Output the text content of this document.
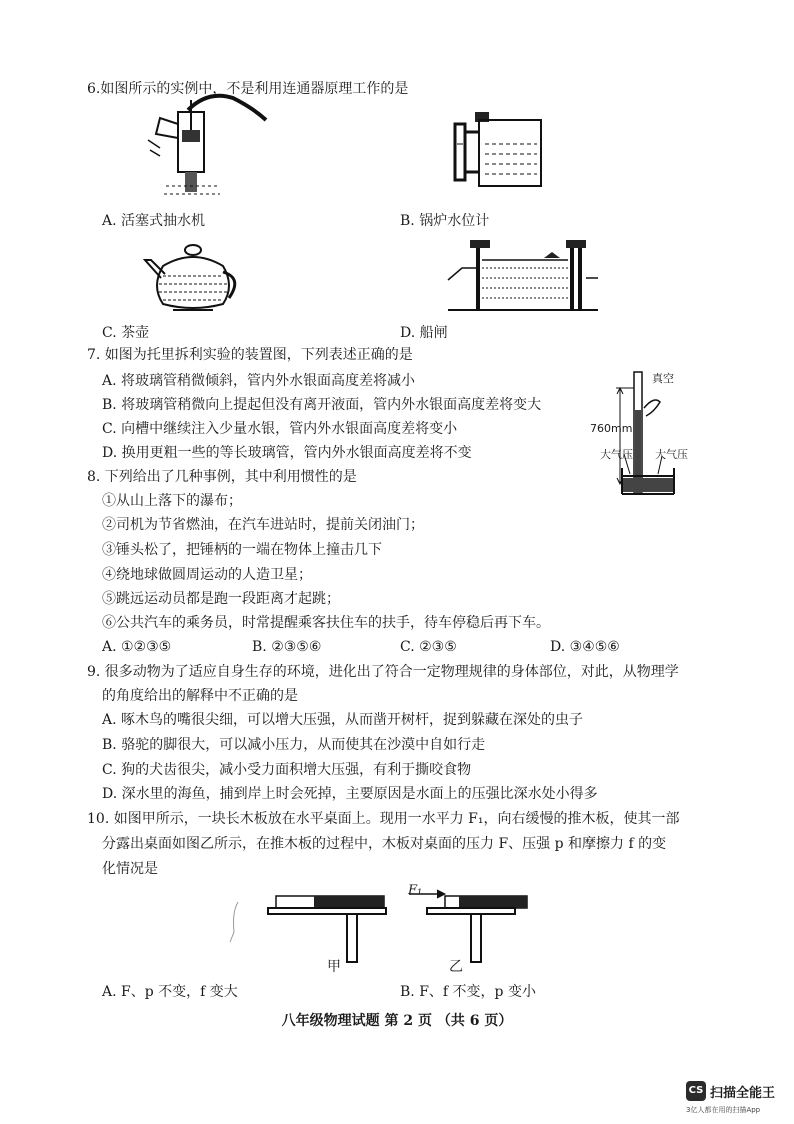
6.如图所示的实例中，不是利用连通器原理工作的是
A. 活塞式抽水机	B. 锅炉水位计
C. 茶壶	D. 船闸
7. 如图为托里拆利实验的装置图，下列表述正确的是
A. 将玻璃管稍微倾斜，管内外水银面高度差将减小
B. 将玻璃管稍微向上提起但没有离开液面，管内外水银面高度差将变大
C. 向槽中继续注入少量水银，管内外水银面高度差将变小
D. 换用更粗一些的等长玻璃管，管内外水银面高度差将不变
真空
760mm
大气压 大气压
8. 下列给出了几种事例，其中利用惯性的是
①从山上落下的瀑布；
②司机为节省燃油，在汽车进站时，提前关闭油门；
③锤头松了，把锤柄的一端在物体上撞击几下
④绕地球做圆周运动的人造卫星；
⑤跳远运动员都是跑一段距离才起跳；
⑥公共汽车的乘务员，时常提醒乘客扶住车的扶手，待车停稳后再下车。
A. ①②③⑤	B. ②③⑤⑥	C. ②③⑤	D. ③④⑤⑥
9. 很多动物为了适应自身生存的环境，进化出了符合一定物理规律的身体部位，对此，从物理学
的角度给出的解释中不正确的是
A. 啄木鸟的嘴很尖细，可以增大压强，从而凿开树杆，捉到躲藏在深处的虫子
B. 骆驼的脚很大，可以减小压力，从而使其在沙漠中自如行走
C. 狗的犬齿很尖，减小受力面积增大压强，有利于撕咬食物
D. 深水里的海鱼，捕到岸上时会死掉，主要原因是水面上的压强比深水处小得多
10. 如图甲所示，一块长木板放在水平桌面上。现用一水平力 F₁，向右缓慢的推木板，使其一部
分露出桌面如图乙所示，在推木板的过程中，木板对桌面的压力 F、压强 p 和摩擦力 f 的变
化情况是
F₁
甲	乙
A. F、p 不变，f 变大	B. F、f 不变，p 变小
八年级物理试题 第 2 页 （共 6 页）
CS 扫描全能王
3亿人都在用的扫描App
